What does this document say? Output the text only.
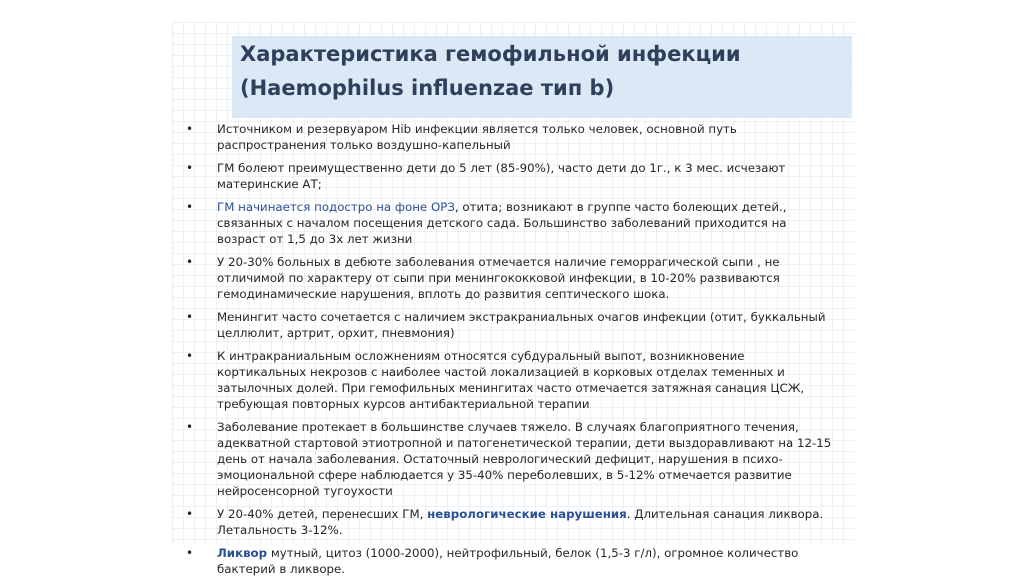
Характеристика гемофильной инфекции
(Haemophilus influenzae тип b)
• Источником и резервуаром Hib инфекции является только человек, основной путь распространения только воздушно-капельный
• ГМ болеют преимущественно дети до 5 лет (85-90%), часто дети до 1г., к 3 мес. исчезают материнские АТ;
• ГМ начинается подостро на фоне ОРЗ, отита; возникают в группе часто болеющих детей., связанных с началом посещения детского сада. Большинство заболеваний приходится на возраст от 1,5 до 3х лет жизни
• У 20-30% больных в дебюте заболевания отмечается наличие геморрагической сыпи , не отличимой по характеру от сыпи при менингококковой инфекции, в 10-20% развиваются гемодинамические нарушения, вплоть до развития септического шока.
• Менингит часто сочетается с наличием экстракраниальных очагов инфекции (отит, буккальный целлюлит, артрит, орхит, пневмония)
• К интракраниальным осложнениям относятся субдуральный выпот, возникновение кортикальных некрозов с наиболее частой локализацией в корковых отделах теменных и затылочных долей. При гемофильных менингитах часто отмечается затяжная санация ЦСЖ, требующая повторных курсов антибактериальной терапии
• Заболевание протекает в большинстве случаев тяжело. В случаях благоприятного течения, адекватной стартовой этиотропной и патогенетической терапии, дети выздоравливают на 12-15 день от начала заболевания. Остаточный неврологический дефицит, нарушения в психо-эмоциональной сфере наблюдается у 35-40% переболевших, в 5-12% отмечается развитие нейросенсорной тугоухости
• У 20-40% детей, перенесших ГМ, неврологические нарушения. Длительная санация ликвора. Летальность 3-12%.
• Ликвор мутный, цитоз (1000-2000), нейтрофильный, белок (1,5-3 г/л), огромное количество бактерий в ликворе.
